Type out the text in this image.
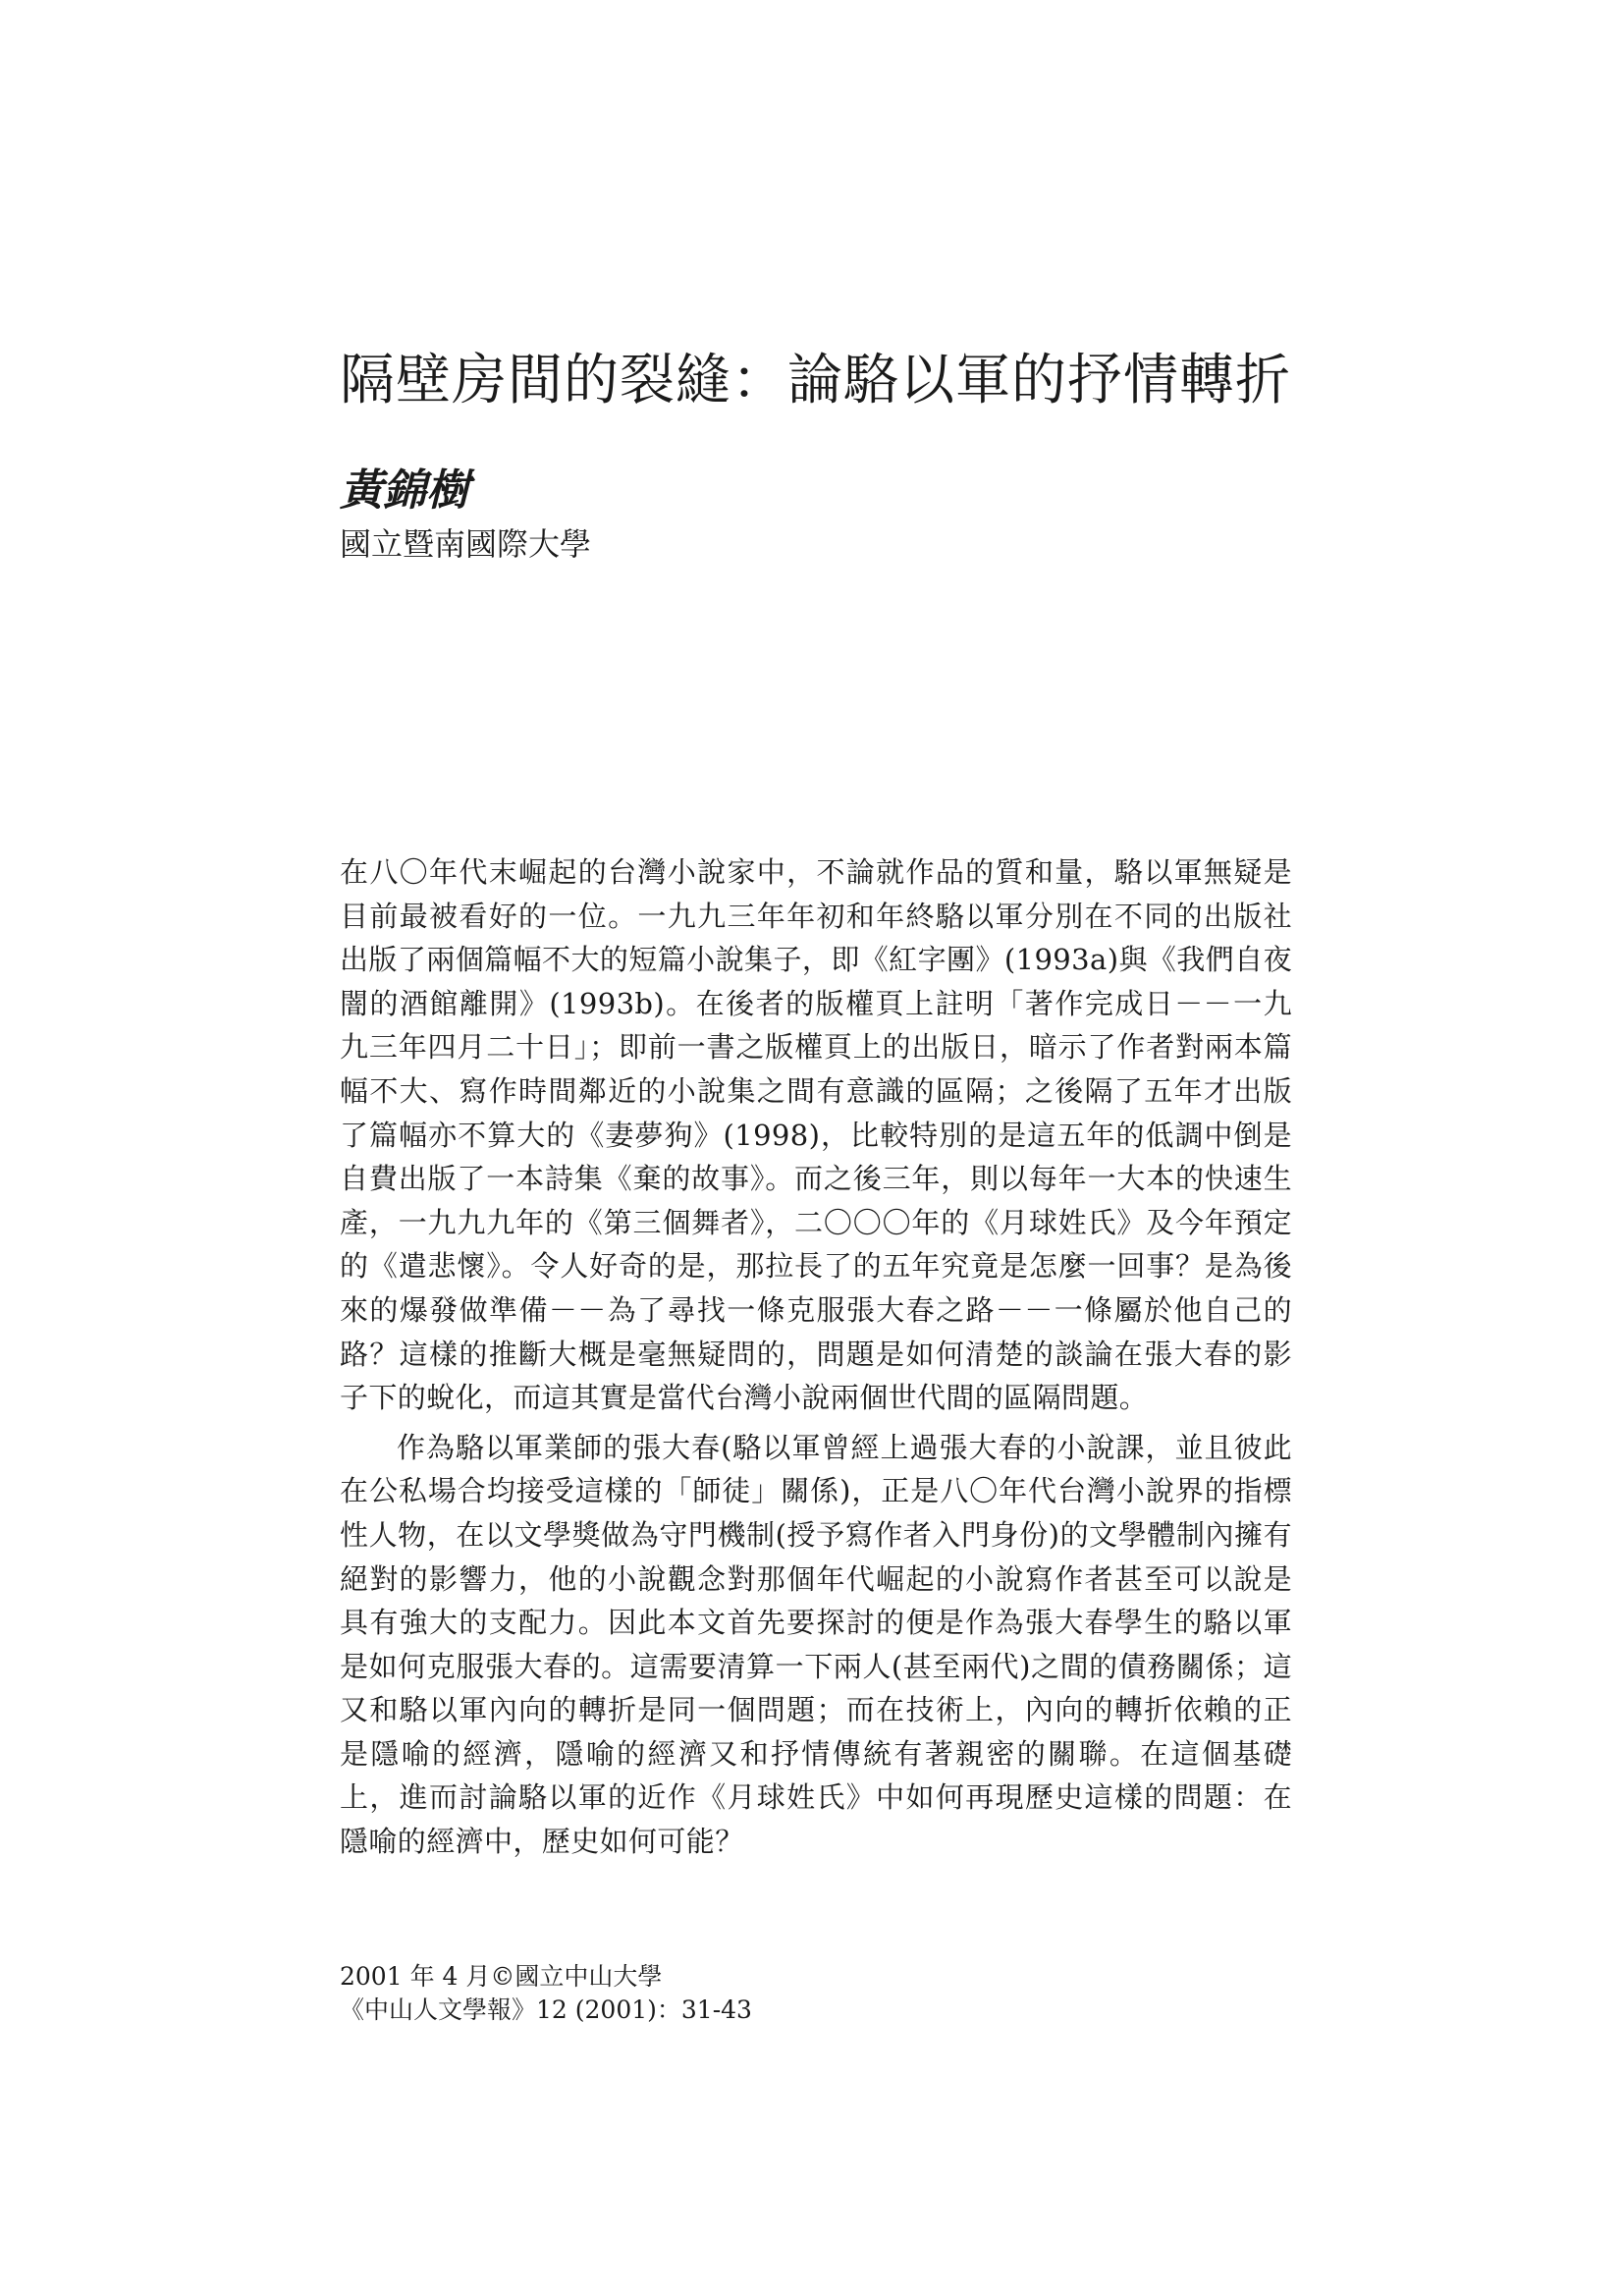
隔壁房間的裂縫：論駱以軍的抒情轉折
黃錦樹
國立暨南國際大學

在八〇年代末崛起的台灣小說家中，不論就作品的質和量，駱以軍無疑是目前最被看好的一位。一九九三年年初和年終駱以軍分別在不同的出版社出版了兩個篇幅不大的短篇小說集子，即《紅字團》(1993a)與《我們自夜闇的酒館離開》(1993b)。在後者的版權頁上註明「著作完成日－－一九九三年四月二十日」；即前一書之版權頁上的出版日，暗示了作者對兩本篇幅不大、寫作時間鄰近的小說集之間有意識的區隔；之後隔了五年才出版了篇幅亦不算大的《妻夢狗》(1998)，比較特別的是這五年的低調中倒是自費出版了一本詩集《棄的故事》。而之後三年，則以每年一大本的快速生產，一九九九年的《第三個舞者》，二〇〇〇年的《月球姓氏》及今年預定的《遣悲懷》。令人好奇的是，那拉長了的五年究竟是怎麼一回事？是為後來的爆發做準備－－為了尋找一條克服張大春之路－－一條屬於他自己的路？這樣的推斷大概是毫無疑問的，問題是如何清楚的談論在張大春的影子下的蛻化，而這其實是當代台灣小說兩個世代間的區隔問題。

作為駱以軍業師的張大春(駱以軍曾經上過張大春的小說課，並且彼此在公私場合均接受這樣的「師徒」關係)，正是八〇年代台灣小說界的指標性人物，在以文學獎做為守門機制(授予寫作者入門身份)的文學體制內擁有絕對的影響力，他的小說觀念對那個年代崛起的小說寫作者甚至可以說是具有強大的支配力。因此本文首先要探討的便是作為張大春學生的駱以軍是如何克服張大春的。這需要清算一下兩人(甚至兩代)之間的債務關係；這又和駱以軍內向的轉折是同一個問題；而在技術上，內向的轉折依賴的正是隱喻的經濟，隱喻的經濟又和抒情傳統有著親密的關聯。在這個基礎上，進而討論駱以軍的近作《月球姓氏》中如何再現歷史這樣的問題：在隱喻的經濟中，歷史如何可能？

2001 年 4 月©國立中山大學
《中山人文學報》12 (2001)：31-43
